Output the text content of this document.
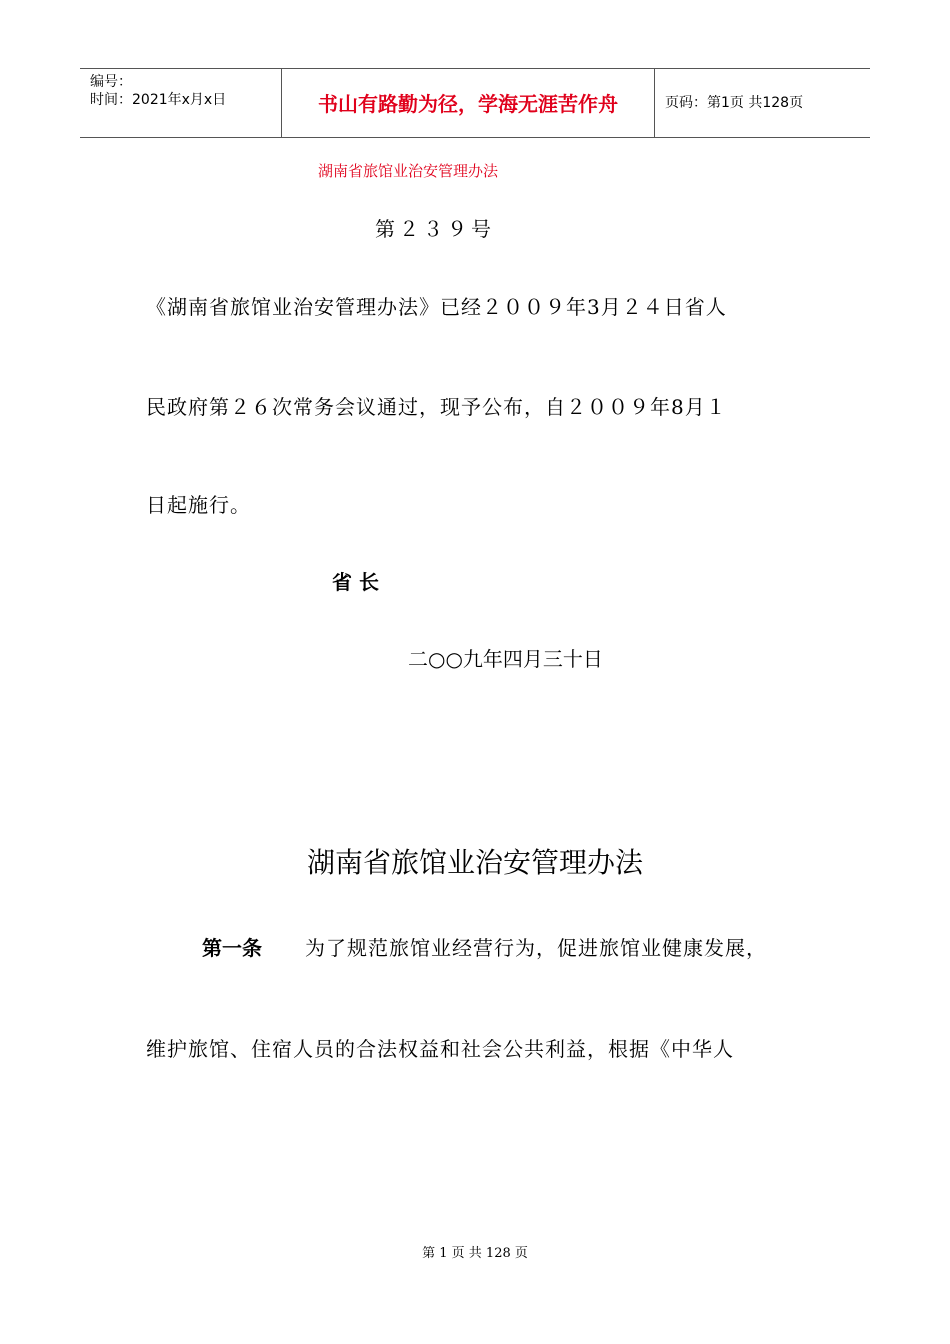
编号：
时间：2021年x月x日	书山有路勤为径，学海无涯苦作舟	页码：第1页 共128页
湖南省旅馆业治安管理办法
第２３９号
《湖南省旅馆业治安管理办法》已经２００９年3月２４日省人
民政府第２６次常务会议通过，现予公布，自２００９年8月１
日起施行。
省 长
二○○九年四月三十日
湖南省旅馆业治安管理办法
第一条 为了规范旅馆业经营行为，促进旅馆业健康发展，
维护旅馆、住宿人员的合法权益和社会公共利益，根据《中华人
第 1 页 共 128 页
